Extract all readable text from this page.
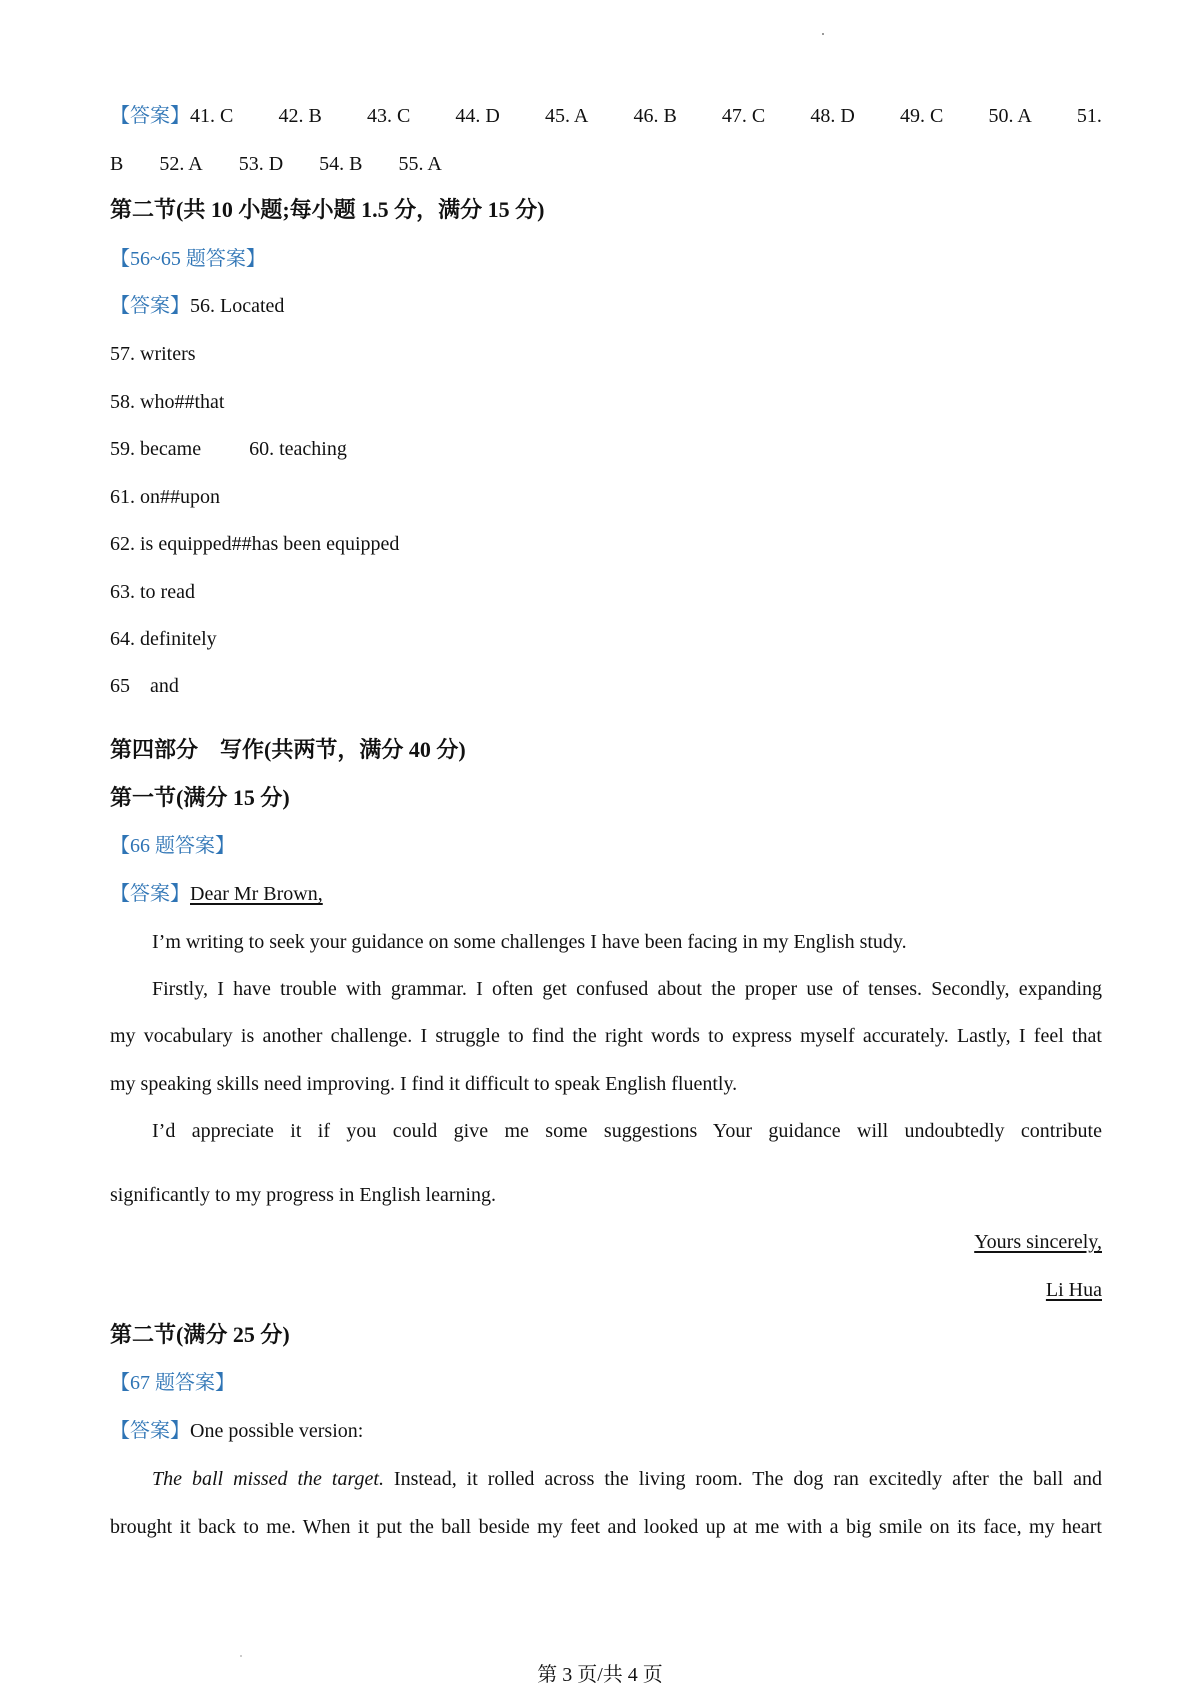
【答案】41. C 42. B 43. C 44. D 45. A 46. B 47. C 48. D 49. C 50. A 51.
B 52. A 53. D 54. B 55. A
第二节(共 10 小题;每小题 1.5 分，满分 15 分)
【56~65 题答案】
【答案】56. Located
57. writers
58. who##that
59. became 60. teaching
61. on##upon
62. is equipped##has been equipped
63. to read
64. definitely
65 and
第四部分　写作(共两节，满分 40 分)
第一节(满分 15 分)
【66 题答案】
【答案】Dear Mr Brown,
I’m writing to seek your guidance on some challenges I have been facing in my English study.
Firstly, I have trouble with grammar. I often get confused about the proper use of tenses. Secondly, expanding
my vocabulary is another challenge. I struggle to find the right words to express myself accurately. Lastly, I feel that
my speaking skills need improving. I find it difficult to speak English fluently.
I’d appreciate it if you could give me some suggestions Your guidance will undoubtedly contribute
significantly to my progress in English learning.
Yours sincerely,
Li Hua
第二节(满分 25 分)
【67 题答案】
【答案】One possible version:
The ball missed the target. Instead, it rolled across the living room. The dog ran excitedly after the ball and
brought it back to me. When it put the ball beside my feet and looked up at me with a big smile on its face, my heart
第 3 页/共 4 页
